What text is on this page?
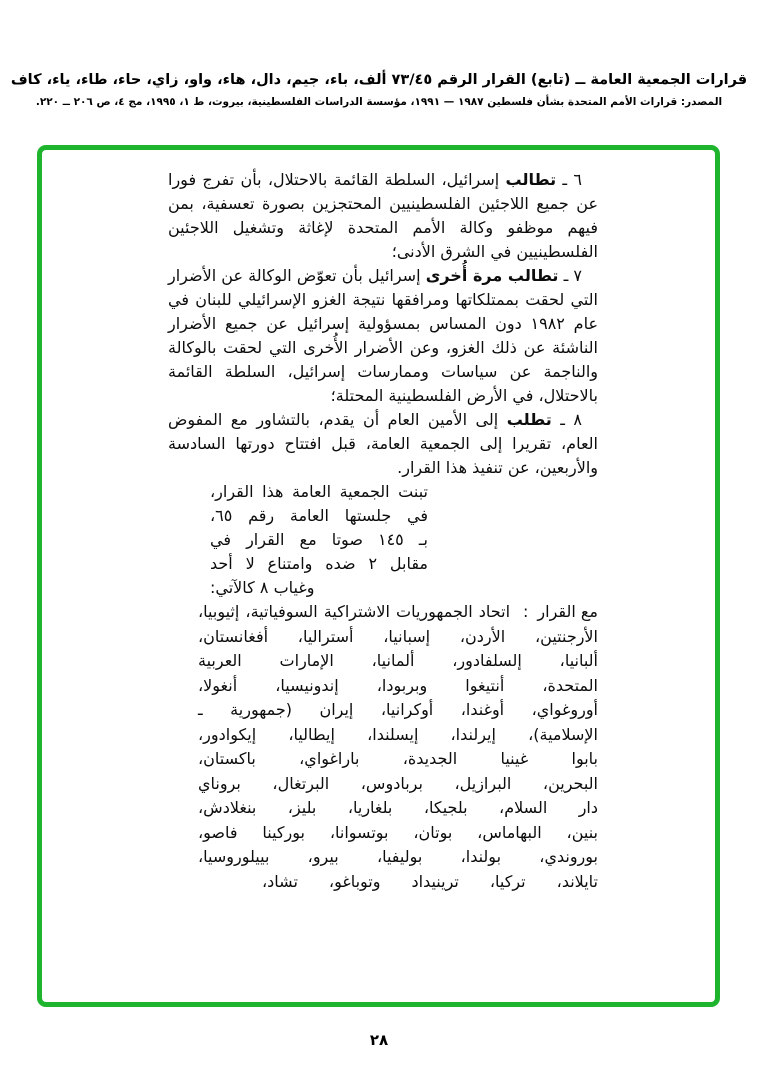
قرارات الجمعية العامة ــ (تابع) القرار الرقم ٧٣/٤٥ ألف، باء، جيم، دال، هاء، واو، زاي، حاء، طاء، ياء، كاف
المصدر: قرارات الأمم المتحدة بشأن فلسطين ١٩٨٧ — ١٩٩١، مؤسسة الدراسات الفلسطينية، بيروت، ط ١، ١٩٩٥، مج ٤، ص ٢٠٦ ــ ٢٢٠.
٦ ـ تطالب إسرائيل، السلطة القائمة بالاحتلال، بأن تفرج فورا
عن جميع اللاجئين الفلسطينيين المحتجزين بصورة تعسفية، بمن
فيهم موظفو وكالة الأمم المتحدة لإغاثة وتشغيل اللاجئين
الفلسطينيين في الشرق الأدنى؛
٧ ـ تطالب مرة أُخرى إسرائيل بأن تعوّض الوكالة عن الأضرار
التي لحقت بممتلكاتها ومرافقها نتيجة الغزو الإسرائيلي للبنان في
عام ١٩٨٢ دون المساس بمسؤولية إسرائيل عن جميع الأضرار
الناشئة عن ذلك الغزو، وعن الأضرار الأُخرى التي لحقت بالوكالة
والناجمة عن سياسات وممارسات إسرائيل، السلطة القائمة
بالاحتلال، في الأرض الفلسطينية المحتلة؛
٨ ـ تطلب إلى الأمين العام أن يقدم، بالتشاور مع المفوض
العام، تقريرا إلى الجمعية العامة، قبل افتتاح دورتها السادسة
والأربعين، عن تنفيذ هذا القرار.
تبنت الجمعية العامة هذا القرار،
في جلستها العامة رقم ٦٥،
بـ ١٤٥ صوتا مع القرار في
مقابل ٢ ضده وامتناع لا أحد
وغياب ٨ كالآتي:
مع القرار
:
اتحاد الجمهوريات الاشتراكية السوفياتية، إثيوبيا،
الأرجنتين، الأردن، إسبانيا، أستراليا، أفغانستان،
ألبانيا، إلسلفادور، ألمانيا، الإمارات العربية
المتحدة، أنتيغوا وبربودا، إندونيسيا، أنغولا،
أوروغواي، أوغندا، أوكرانيا، إيران (جمهورية ـ
الإسلامية)، إيرلندا، إيسلندا، إيطاليا، إيكوادور،
بابوا غينيا الجديدة، باراغواي، باكستان،
البحرين، البرازيل، بربادوس، البرتغال، بروناي
دار السلام، بلجيكا، بلغاريا، بليز، بنغلادش،
بنين، البهاماس، بوتان، بوتسوانا، بوركينا فاصو،
بوروندي، بولندا، بوليفيا، بيرو، بييلوروسيا،
تايلاند، تركيا، ترينيداد وتوباغو، تشاد،
٢٨
